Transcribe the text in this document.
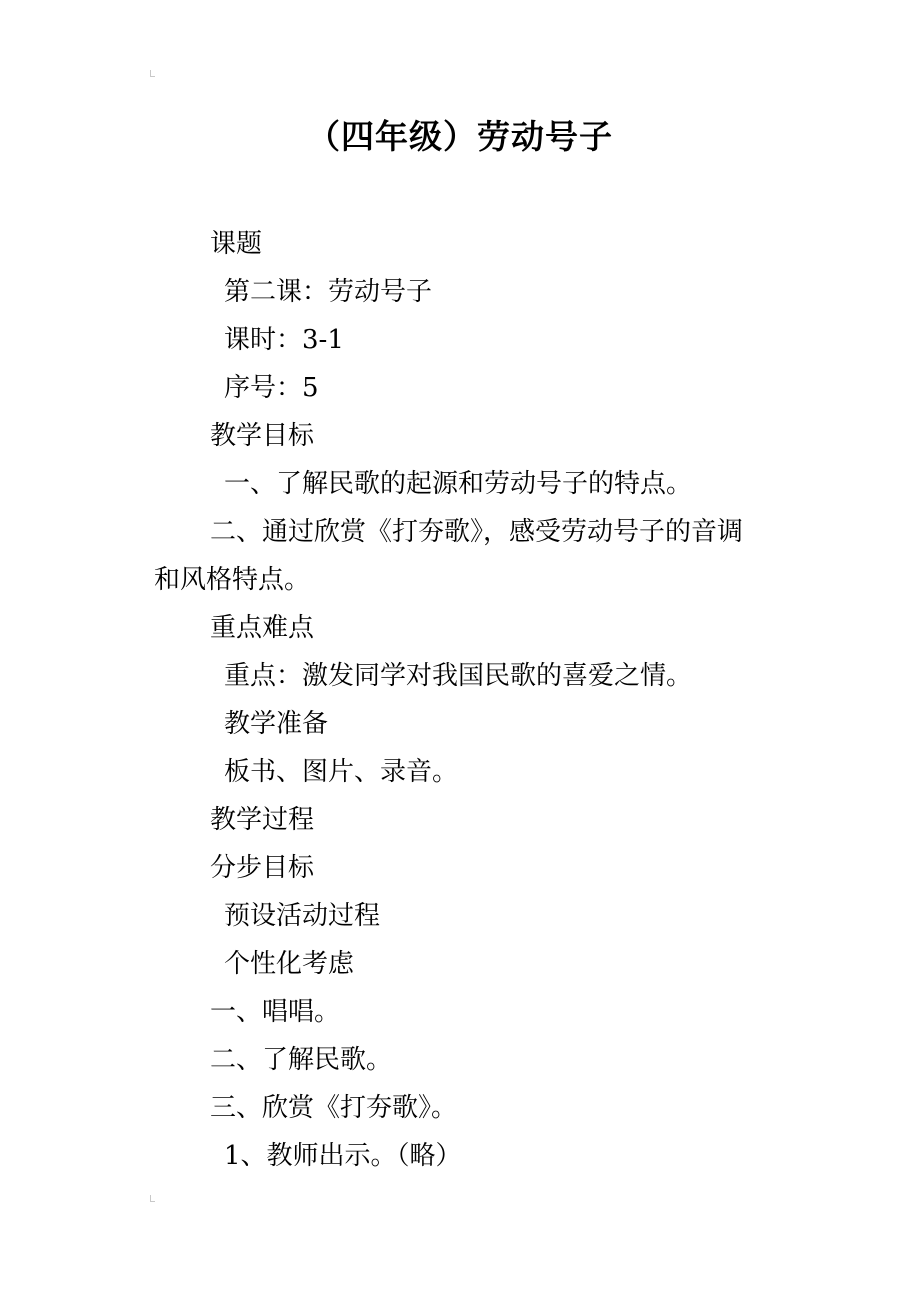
（四年级）劳动号子
课题
第二课：劳动号子
课时：3-1
序号：5
教学目标
一、了解民歌的起源和劳动号子的特点。
二、通过欣赏《打夯歌》，感受劳动号子的音调
和风格特点。
重点难点
重点：激发同学对我国民歌的喜爱之情。
教学准备
板书、图片、录音。
教学过程
分步目标
预设活动过程
个性化考虑
一、唱唱。
二、了解民歌。
三、欣赏《打夯歌》。
1、教师出示。（略）
